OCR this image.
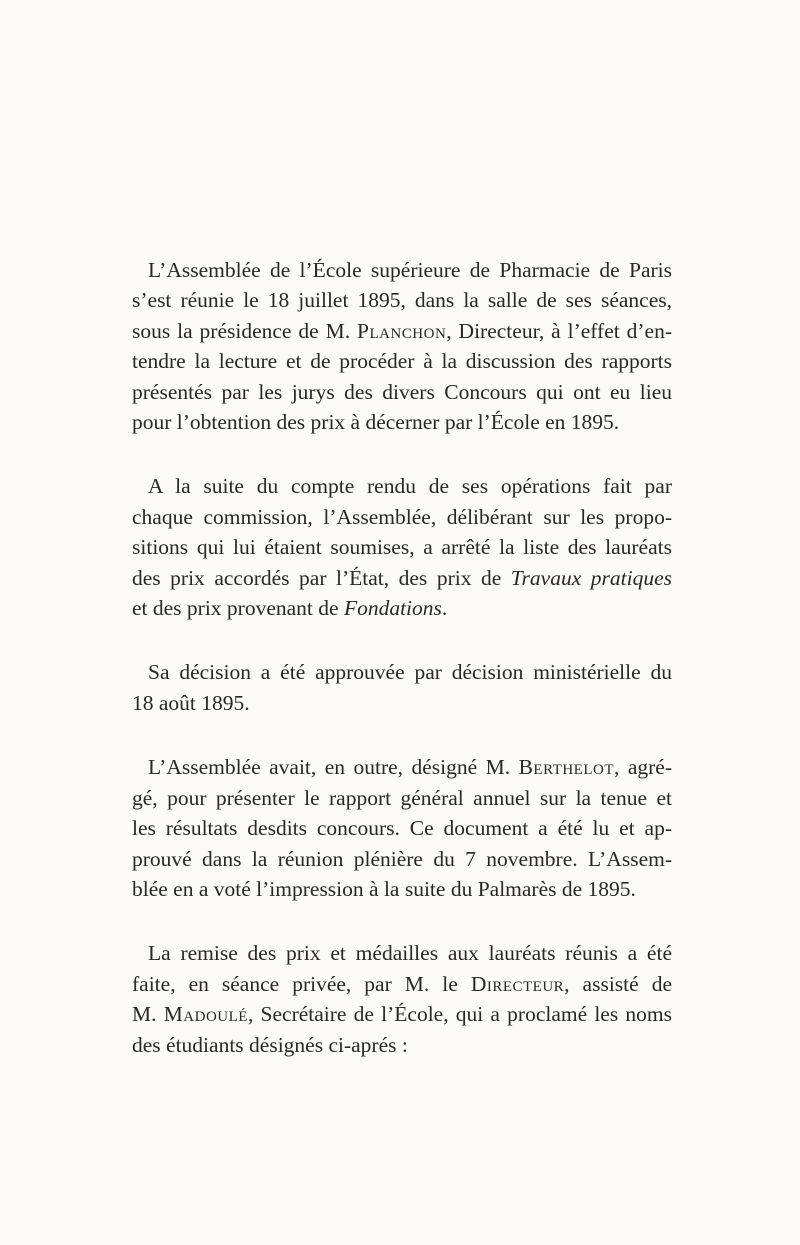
L’Assemblée de l’École supérieure de Pharmacie de Paris
s’est réunie le 18 juillet 1895, dans la salle de ses séances,
sous la présidence de M. Planchon, Directeur, à l’effet d’en-
tendre la lecture et de procéder à la discussion des rapports
présentés par les jurys des divers Concours qui ont eu lieu
pour l’obtention des prix à décerner par l’École en 1895.

A la suite du compte rendu de ses opérations fait par
chaque commission, l’Assemblée, délibérant sur les propo-
sitions qui lui étaient soumises, a arrêté la liste des lauréats
des prix accordés par l’État, des prix de Travaux pratiques
et des prix provenant de Fondations.

Sa décision a été approuvée par décision ministérielle du
18 août 1895.

L’Assemblée avait, en outre, désigné M. Berthelot, agré-
gé, pour présenter le rapport général annuel sur la tenue et
les résultats desdits concours. Ce document a été lu et ap-
prouvé dans la réunion plénière du 7 novembre. L’Assem-
blée en a voté l’impression à la suite du Palmarès de 1895.

La remise des prix et médailles aux lauréats réunis a été
faite, en séance privée, par M. le Directeur, assisté de
M. Madoulé, Secrétaire de l’École, qui a proclamé les noms
des étudiants désignés ci-aprés :
